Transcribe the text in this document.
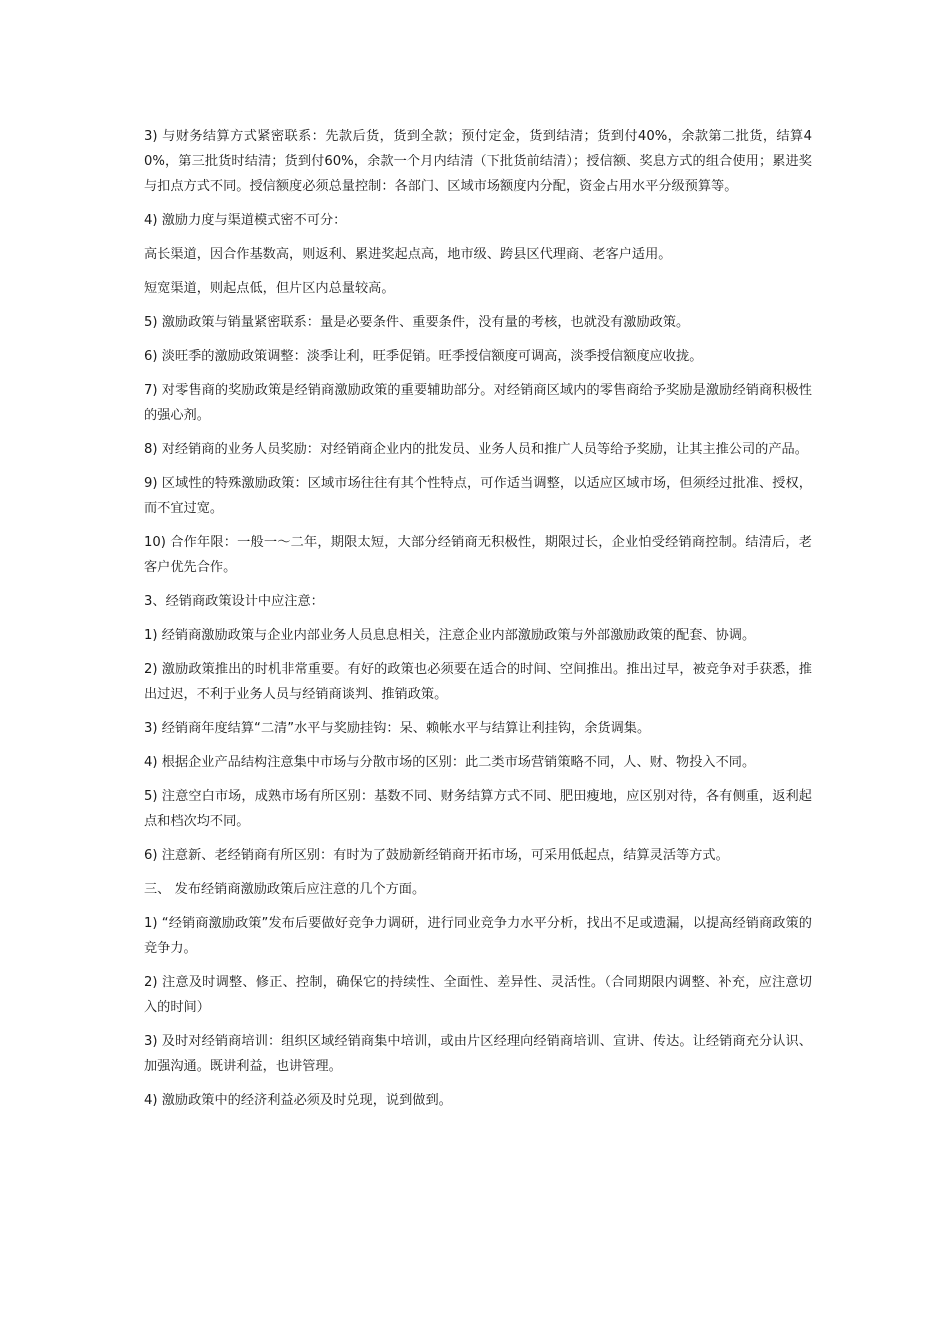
3) 与财务结算方式紧密联系：先款后货，货到全款；预付定金，货到结清；货到付40%，余款第二批货，结算40%，第三批货时结清；货到付60%，余款一个月内结清（下批货前结清）；授信额、奖息方式的组合使用；累进奖与扣点方式不同。授信额度必须总量控制：各部门、区域市场额度内分配，资金占用水平分级预算等。

4) 激励力度与渠道模式密不可分：

高长渠道，因合作基数高，则返利、累进奖起点高，地市级、跨县区代理商、老客户适用。

短宽渠道，则起点低，但片区内总量较高。

5) 激励政策与销量紧密联系：量是必要条件、重要条件，没有量的考核，也就没有激励政策。

6) 淡旺季的激励政策调整：淡季让利，旺季促销。旺季授信额度可调高，淡季授信额度应收拢。

7) 对零售商的奖励政策是经销商激励政策的重要辅助部分。对经销商区域内的零售商给予奖励是激励经销商积极性的强心剂。

8) 对经销商的业务人员奖励：对经销商企业内的批发员、业务人员和推广人员等给予奖励，让其主推公司的产品。

9) 区域性的特殊激励政策：区域市场往往有其个性特点，可作适当调整，以适应区域市场，但须经过批准、授权，而不宜过宽。

10) 合作年限：一般一～二年，期限太短，大部分经销商无积极性，期限过长，企业怕受经销商控制。结清后，老客户优先合作。

3、经销商政策设计中应注意：

1) 经销商激励政策与企业内部业务人员息息相关，注意企业内部激励政策与外部激励政策的配套、协调。

2) 激励政策推出的时机非常重要。有好的政策也必须要在适合的时间、空间推出。推出过早，被竞争对手获悉，推出过迟，不利于业务人员与经销商谈判、推销政策。

3) 经销商年度结算“二清”水平与奖励挂钩：呆、赖帐水平与结算让利挂钩，余货调集。

4) 根据企业产品结构注意集中市场与分散市场的区别：此二类市场营销策略不同，人、财、物投入不同。

5) 注意空白市场，成熟市场有所区别：基数不同、财务结算方式不同、肥田瘦地，应区别对待，各有侧重，返利起点和档次均不同。

6) 注意新、老经销商有所区别：有时为了鼓励新经销商开拓市场，可采用低起点，结算灵活等方式。

三、 发布经销商激励政策后应注意的几个方面。

1) “经销商激励政策”发布后要做好竞争力调研，进行同业竞争力水平分析，找出不足或遗漏，以提高经销商政策的竞争力。

2) 注意及时调整、修正、控制，确保它的持续性、全面性、差异性、灵活性。（合同期限内调整、补充，应注意切入的时间）

3) 及时对经销商培训：组织区域经销商集中培训，或由片区经理向经销商培训、宣讲、传达。让经销商充分认识、加强沟通。既讲利益，也讲管理。

4) 激励政策中的经济利益必须及时兑现，说到做到。
